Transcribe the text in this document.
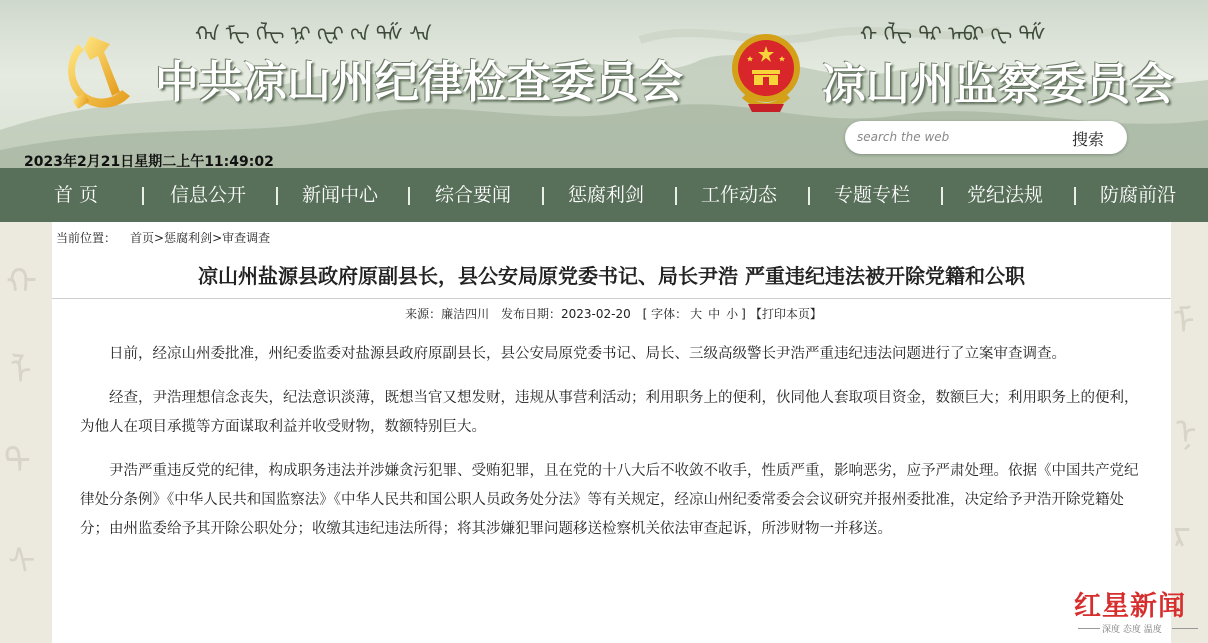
ᠬᠠ ᠮᠧ ᠬᠯᠸ ᠨᠷ ᠬᠸᠷ ᠬᠨ ᠲᠱ ᠰᠠ	ᠬ ᠬᠯᠸ ᠳᠷ ᠠᠪᠷ ᠬᠸ ᠲᠱ
中共凉山州纪律检查委员会	凉山州监察委员会
2023年2月21日星期二上午11:49:02
search the web
搜索
首 页	信息公开	新闻中心	综合要闻	惩腐利剑	工作动态	专题专栏	党纪法规	防腐前沿
ᠬ
ᠯ
ᠲ
ᠰ
ᠮ
ᠨ
ᠷ
当前位置： 首页>惩腐利剑>审查调查
凉山州盐源县政府原副县长，县公安局原党委书记、局长尹浩 严重违纪违法被开除党籍和公职
来源：廉洁四川 发布日期：2023-02-20 [ 字体： 大 中 小 ] 【打印本页】

日前，经凉山州委批准，州纪委监委对盐源县政府原副县长，县公安局原党委书记、局长、三级高级警长尹浩严重违纪违法问题进行了立案审查调查。

经查，尹浩理想信念丧失，纪法意识淡薄，既想当官又想发财，违规从事营利活动；利用职务上的便利，伙同他人套取项目资金，数额巨大；利用职务上的便利，为他人在项目承揽等方面谋取利益并收受财物，数额特别巨大。

尹浩严重违反党的纪律，构成职务违法并涉嫌贪污犯罪、受贿犯罪，且在党的十八大后不收敛不收手，性质严重，影响恶劣，应予严肃处理。依据《中国共产党纪律处分条例》《中华人民共和国监察法》《中华人民共和国公职人员政务处分法》等有关规定，经凉山州纪委常委会会议研究并报州委批准，决定给予尹浩开除党籍处分；由州监委给予其开除公职处分；收缴其违纪违法所得；将其涉嫌犯罪问题移送检察机关依法审查起诉，所涉财物一并移送。

红星新闻
深度 态度 温度
